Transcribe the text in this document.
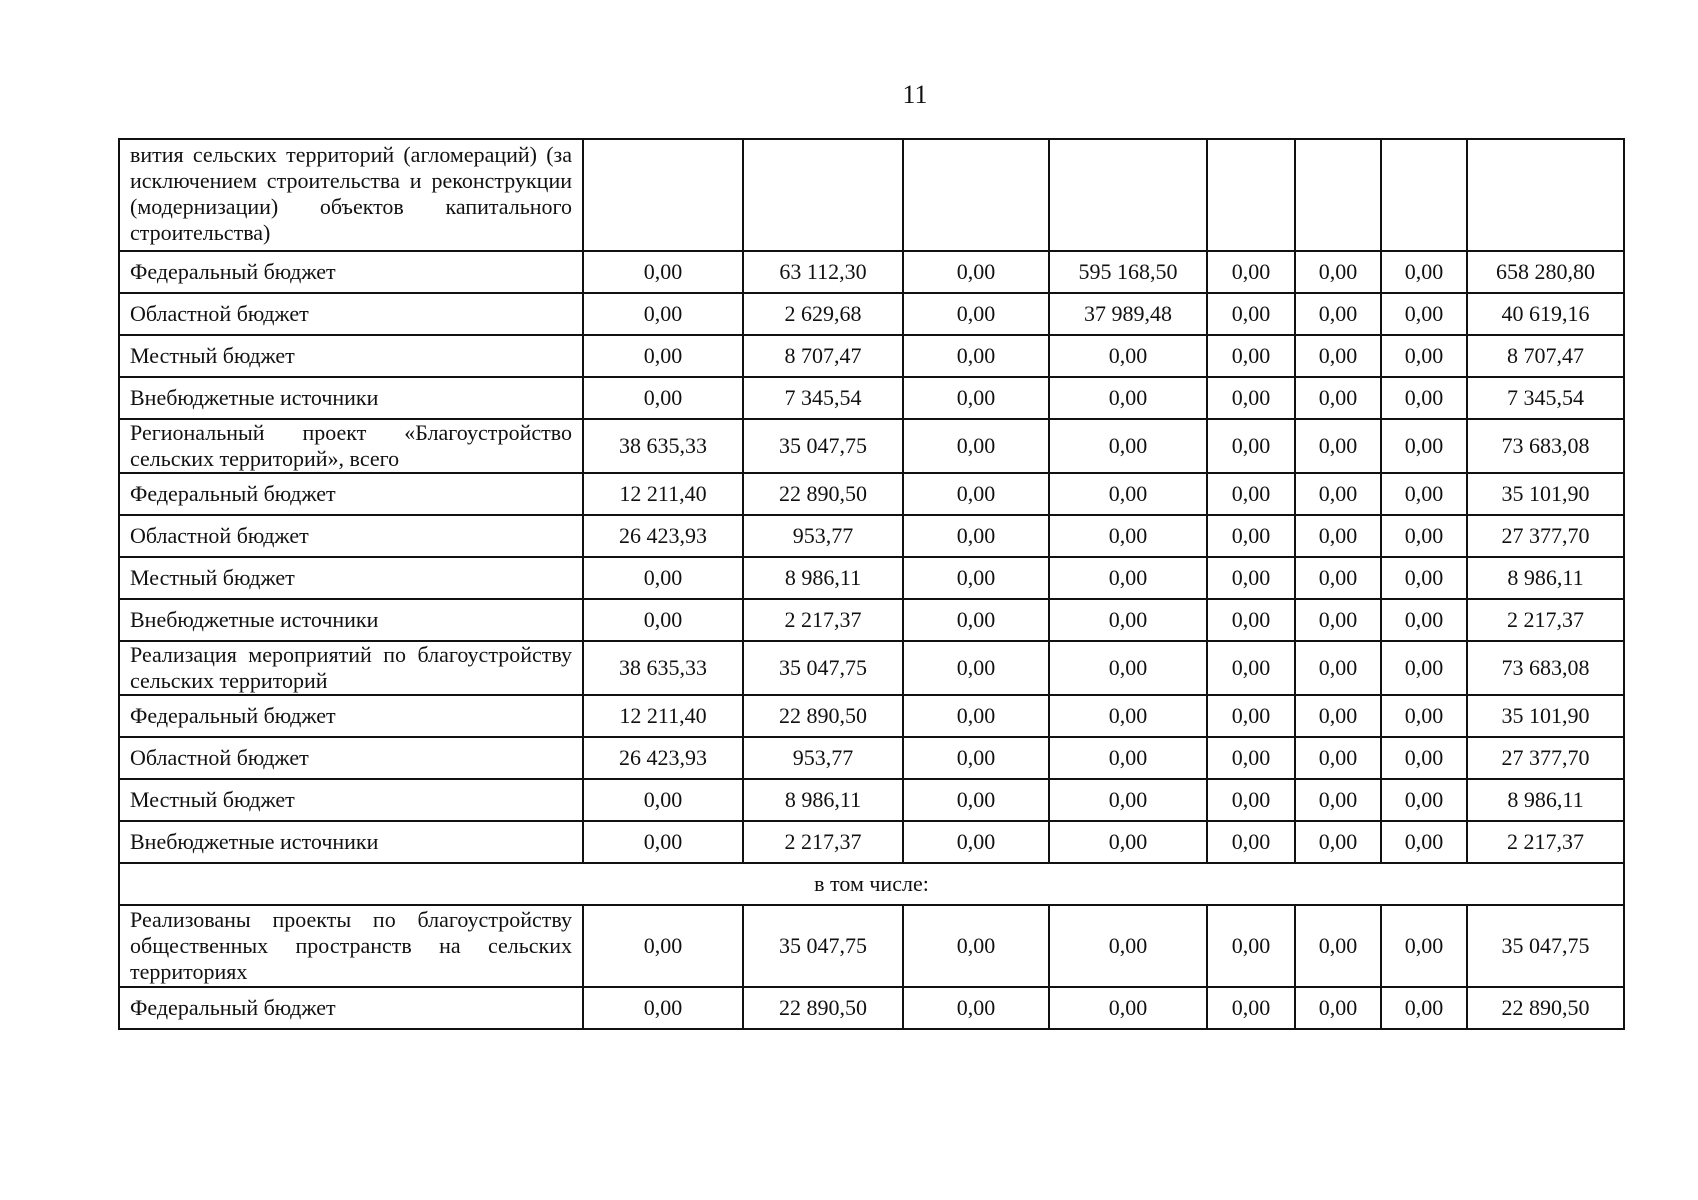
11
вития сельских территорий (агломераций) (за исключением строительства и реконструкции (модернизации) объектов капитального строительства)								
Федеральный бюджет	0,00	63 112,30	0,00	595 168,50	0,00	0,00	0,00	658 280,80
Областной бюджет	0,00	2 629,68	0,00	37 989,48	0,00	0,00	0,00	40 619,16
Местный бюджет	0,00	8 707,47	0,00	0,00	0,00	0,00	0,00	8 707,47
Внебюджетные источники	0,00	7 345,54	0,00	0,00	0,00	0,00	0,00	7 345,54
Региональный проект «Благоустройство сельских территорий», всего	38 635,33	35 047,75	0,00	0,00	0,00	0,00	0,00	73 683,08
Федеральный бюджет	12 211,40	22 890,50	0,00	0,00	0,00	0,00	0,00	35 101,90
Областной бюджет	26 423,93	953,77	0,00	0,00	0,00	0,00	0,00	27 377,70
Местный бюджет	0,00	8 986,11	0,00	0,00	0,00	0,00	0,00	8 986,11
Внебюджетные источники	0,00	2 217,37	0,00	0,00	0,00	0,00	0,00	2 217,37
Реализация мероприятий по благоустройству сельских территорий	38 635,33	35 047,75	0,00	0,00	0,00	0,00	0,00	73 683,08
Федеральный бюджет	12 211,40	22 890,50	0,00	0,00	0,00	0,00	0,00	35 101,90
Областной бюджет	26 423,93	953,77	0,00	0,00	0,00	0,00	0,00	27 377,70
Местный бюджет	0,00	8 986,11	0,00	0,00	0,00	0,00	0,00	8 986,11
Внебюджетные источники	0,00	2 217,37	0,00	0,00	0,00	0,00	0,00	2 217,37
в том числе:								
Реализованы проекты по благоустройству общественных пространств на сельских территориях	0,00	35 047,75	0,00	0,00	0,00	0,00	0,00	35 047,75
Федеральный бюджет	0,00	22 890,50	0,00	0,00	0,00	0,00	0,00	22 890,50
